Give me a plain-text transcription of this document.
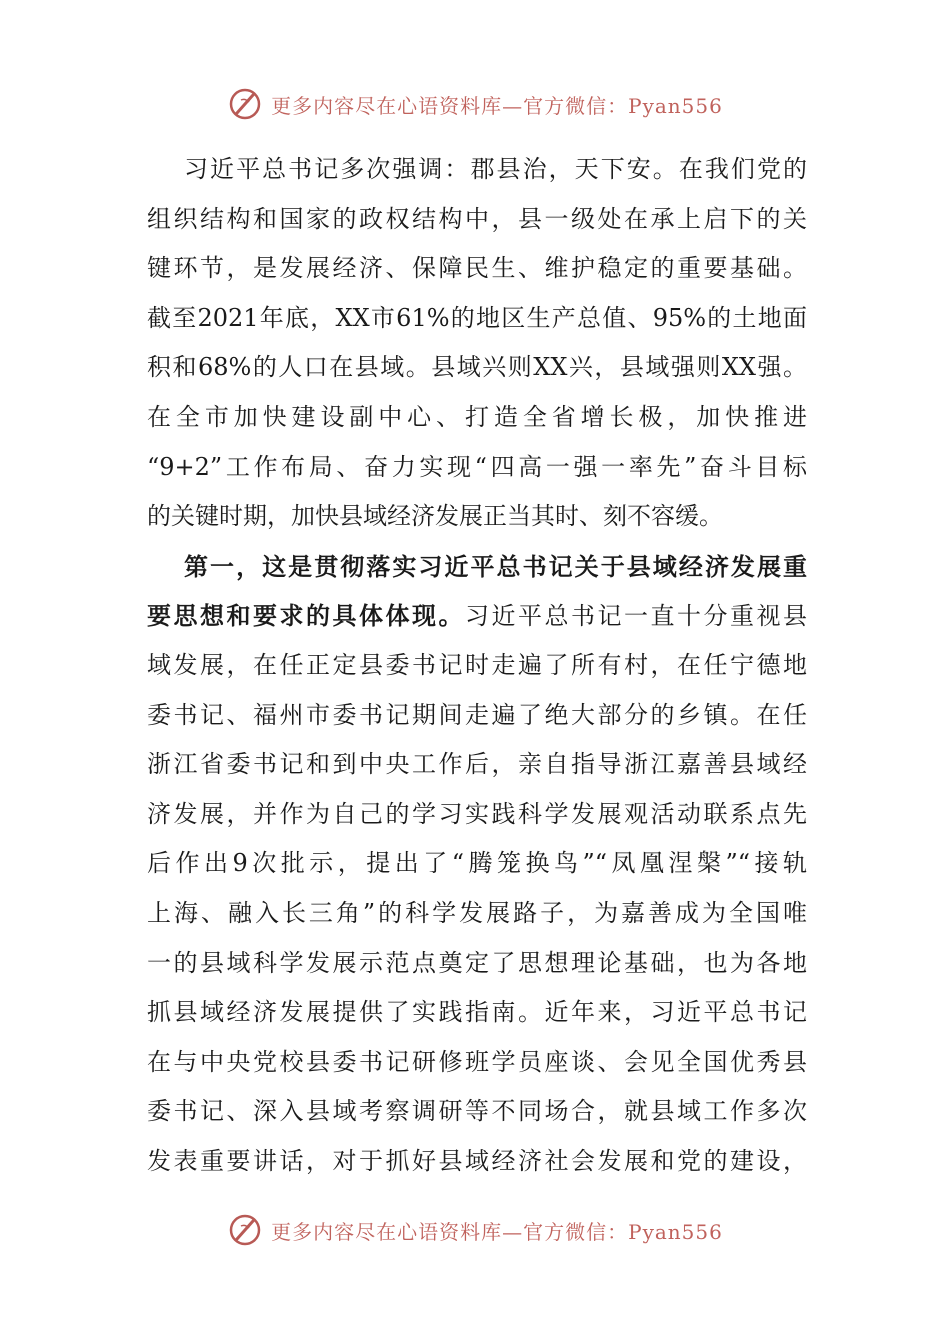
更多内容尽在心语资料库—官方微信：Pyan556
习近平总书记多次强调：郡县治，天下安。在我们党的
组织结构和国家的政权结构中，县一级处在承上启下的关
键环节，是发展经济、保障民生、维护稳定的重要基础。
截至2021年底，XX市61%的地区生产总值、95%的土地面
积和68%的人口在县域。县域兴则XX兴，县域强则XX强。
在全市加快建设副中心、打造全省增长极，加快推进
“9+2”工作布局、奋力实现“四高一强一率先”奋斗目标
的关键时期，加快县域经济发展正当其时、刻不容缓。
第一，这是贯彻落实习近平总书记关于县域经济发展重
要思想和要求的具体体现。习近平总书记一直十分重视县
域发展，在任正定县委书记时走遍了所有村，在任宁德地
委书记、福州市委书记期间走遍了绝大部分的乡镇。在任
浙江省委书记和到中央工作后，亲自指导浙江嘉善县域经
济发展，并作为自己的学习实践科学发展观活动联系点先
后作出9次批示，提出了“腾笼换鸟”“凤凰涅槃”“接轨
上海、融入长三角”的科学发展路子，为嘉善成为全国唯
一的县域科学发展示范点奠定了思想理论基础，也为各地
抓县域经济发展提供了实践指南。近年来，习近平总书记
在与中央党校县委书记研修班学员座谈、会见全国优秀县
委书记、深入县域考察调研等不同场合，就县域工作多次
发表重要讲话，对于抓好县域经济社会发展和党的建设，
更多内容尽在心语资料库—官方微信：Pyan556
